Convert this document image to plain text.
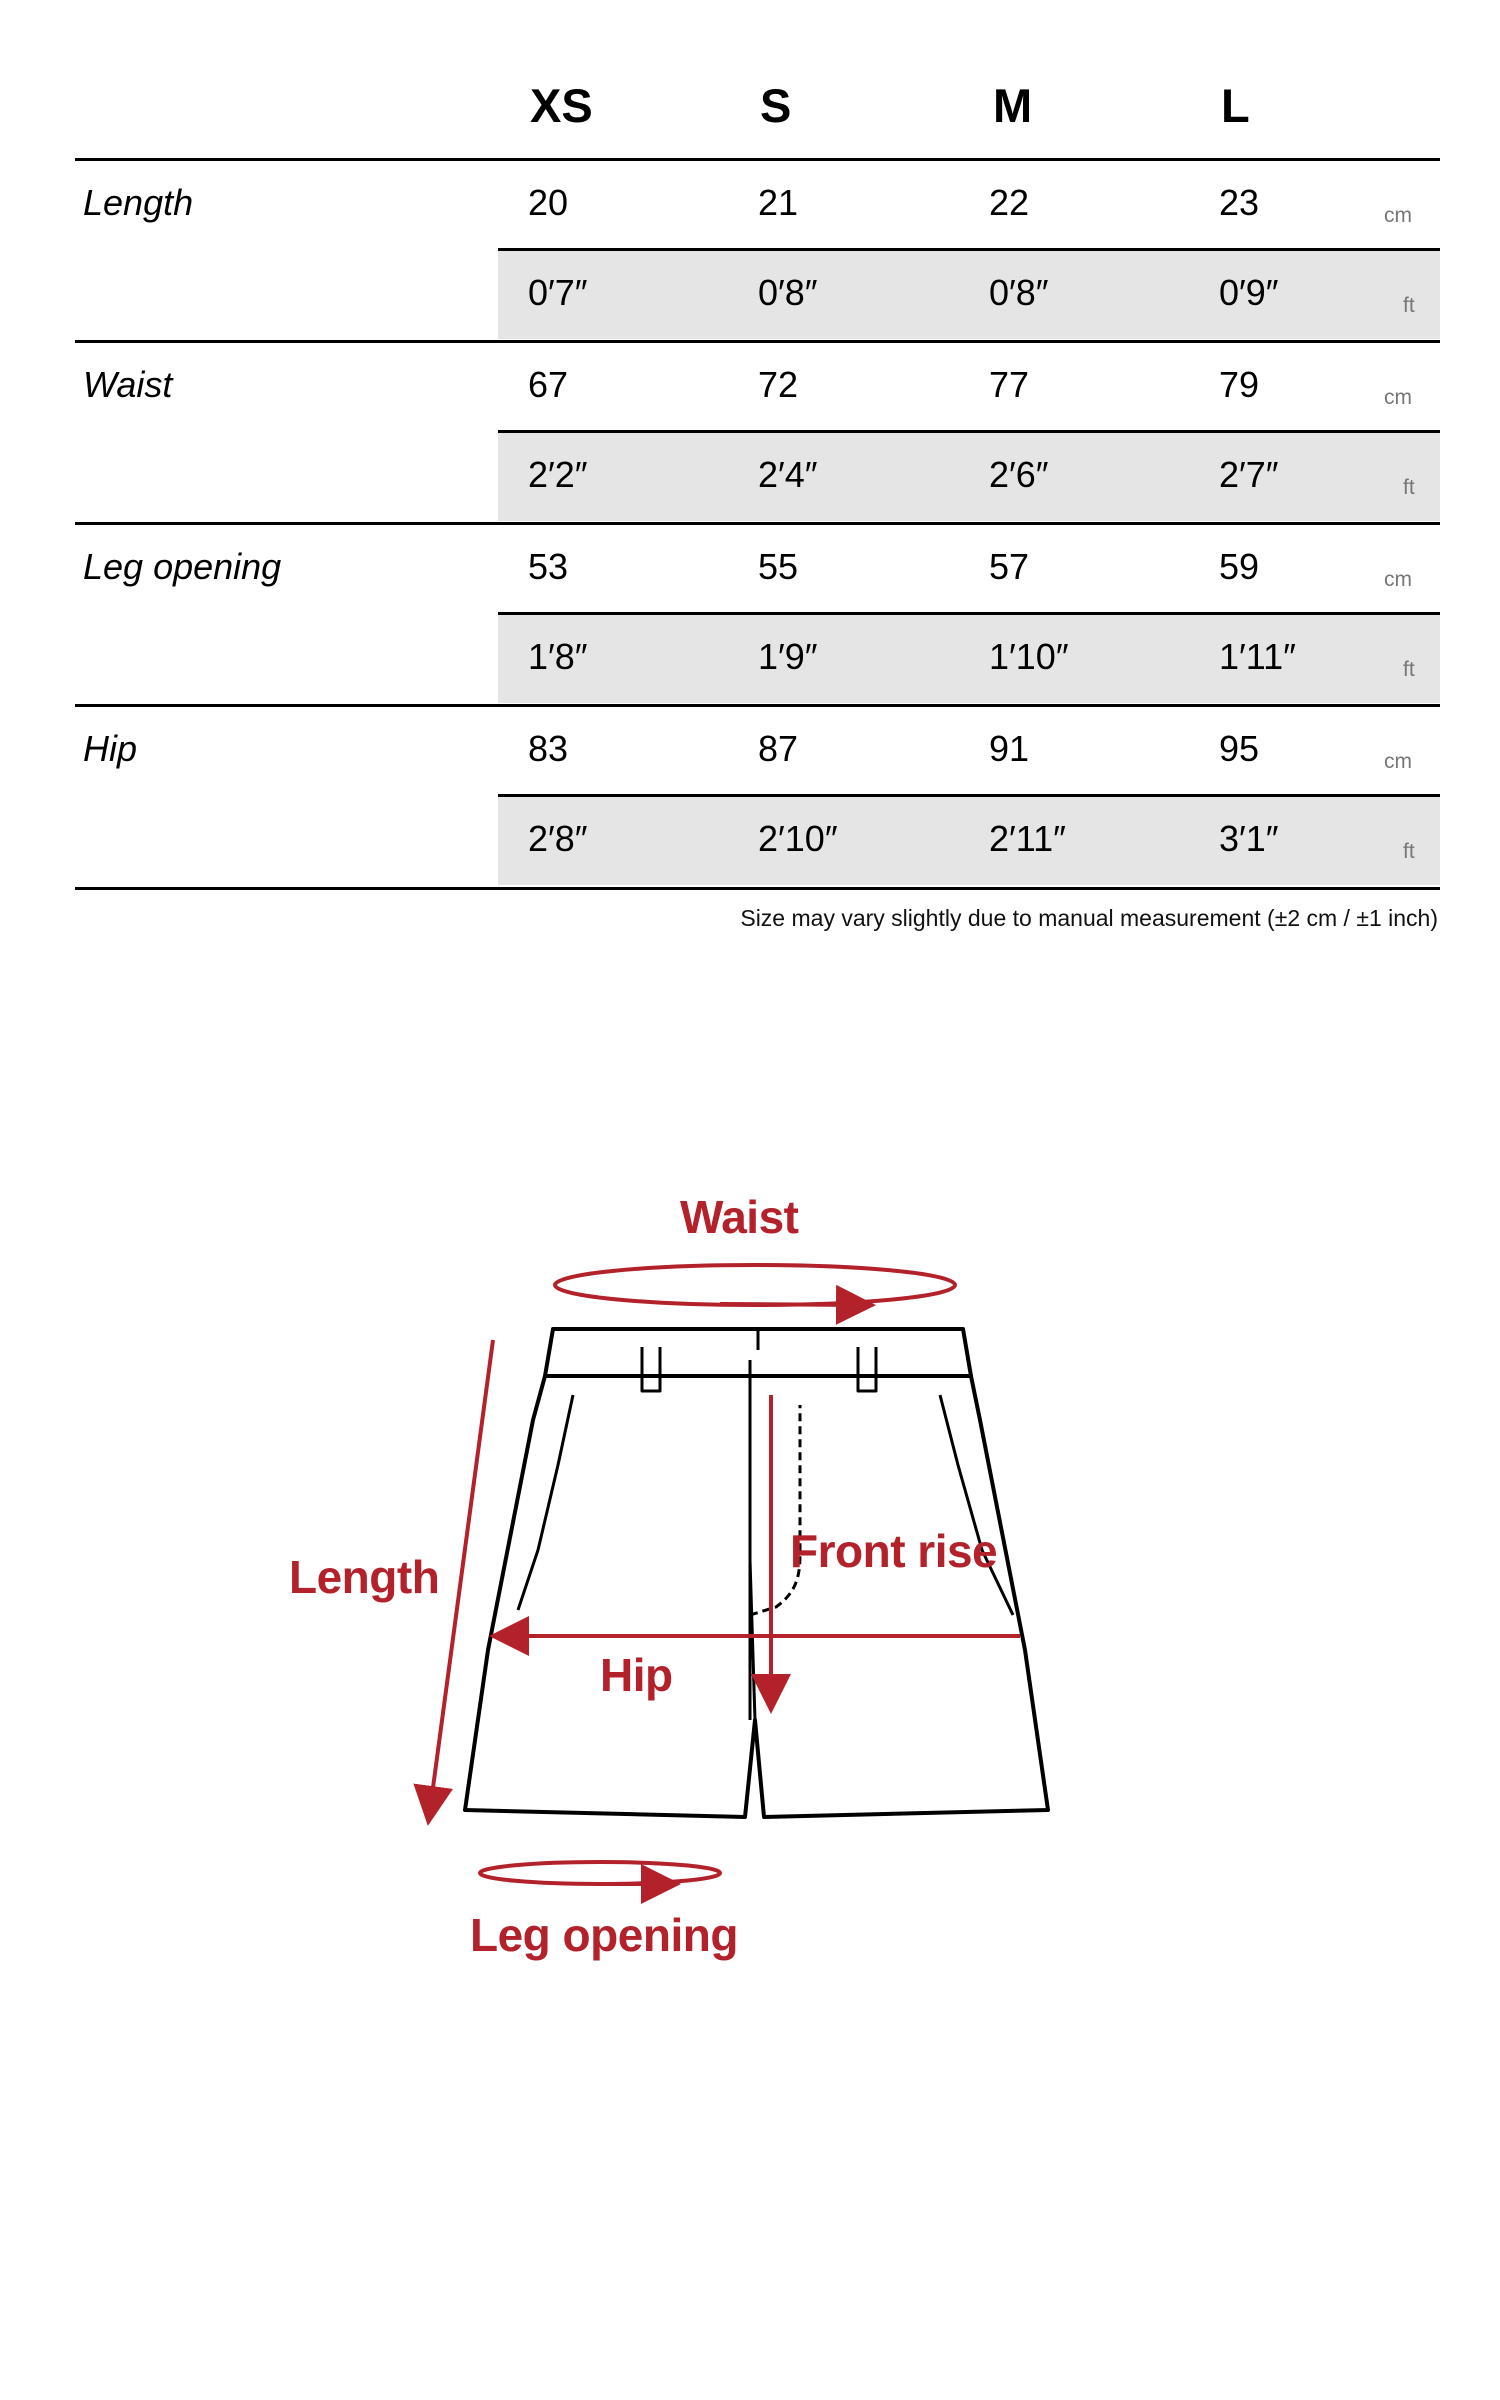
XS	S	M	L
Length	20	21	22	23
0′7″	0′8″	0′8″	0′9″
cm
ft
Waist	67	72	77	79
2′2″	2′4″	2′6″	2′7″
cm
ft
Leg opening	53	55	57	59
1′8″	1′9″	1′10″	1′11″
cm
ft
Hip	83	87	91	95
2′8″	2′10″	2′11″	3′1″
cm
ft
Size may vary slightly due to manual measurement (±2 cm / ±1 inch)
Waist
Length	Front rise
Hip
Leg opening
